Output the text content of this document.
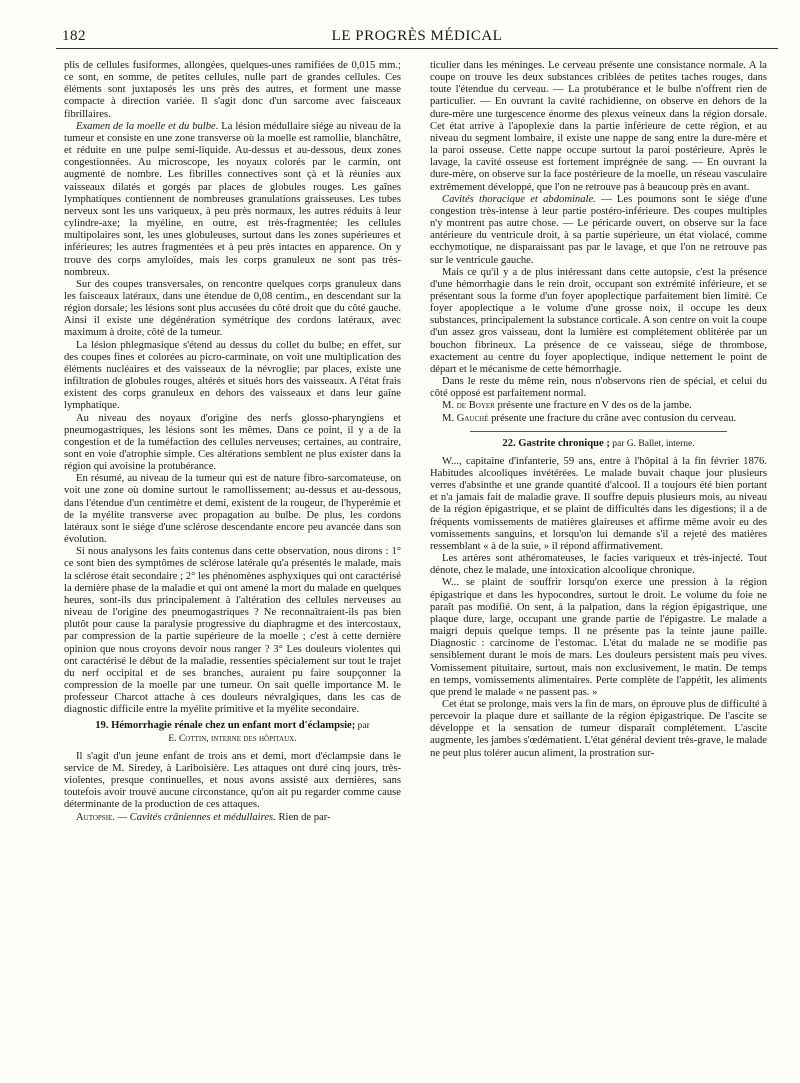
182	LE PROGRÈS MÉDICAL

plis de cellules fusiformes, allongées, quelques-unes ramifiées de 0,015 mm.; ce sont, en somme, de petites cellules, nulle part de grandes cellules. Ces éléments sont juxtaposés les uns près des autres, et forment une masse compacte à direction variée. Il s'agit donc d'un sarcome avec faisceaux fibrillaires.

Examen de la moelle et du bulbe. La lésion médullaire siége au niveau de la tumeur et consiste en une zone transverse où la moelle est ramollie, blanchâtre, et réduite en une pulpe semi-liquide. Au-dessus et au-dessous, deux zones congestionnées. Au microscope, les noyaux colorés par le carmin, ont augmenté de nombre. Les fibrilles connectives sont çà et là réunies aux vaisseaux dilatés et gorgés par places de globules rouges. Les gaînes lymphatiques contiennent de nombreuses granulations graisseuses. Les tubes nerveux sont les uns variqueux, à peu près normaux, les autres réduits à leur cylindre-axe; la myéline, en outre, est très-fragmentée; les cellules multipolaires sont, les unes globuleuses, surtout dans les zones supérieures et inférieures; les autres fragmentées et à peu près intactes en apparence. On y trouve des corps amyloïdes, mais les corps granuleux ne sont pas très-nombreux.

Sur des coupes transversales, on rencontre quelques corps granuleux dans les faisceaux latéraux, dans une étendue de 0,08 centim., en descendant sur la région dorsale; les lésions sont plus accusées du côté droit que du côté gauche. Ainsi il existe une dégénération symétrique des cordons latéraux, avec maximum à droite, côté de la tumeur.

La lésion phlegmasique s'étend au dessus du collet du bulbe; en effet, sur des coupes fines et colorées au picro-carminate, on voit une multiplication des éléments nucléaires et des vaisseaux de la névroglie; par places, existe une infiltration de globules rouges, altérés et situés hors des vaisseaux. A l'état frais existent des corps granuleux en dehors des vaisseaux et dans leur gaîne lymphatique.

Au niveau des noyaux d'origine des nerfs glosso-pharyngiens et pneumogastriques, les lésions sont les mêmes. Dans ce point, il y a de la congestion et de la tuméfaction des cellules nerveuses; certaines, au contraire, sont en voie d'atrophie simple. Ces altérations semblent ne plus exister dans la région qui avoisine la protubérance.

En résumé, au niveau de la tumeur qui est de nature fibro-sarcomateuse, on voit une zone où domine surtout le ramollissement; au-dessus et au-dessous, dans l'étendue d'un centimètre et demi, existent de la rougeur, de l'hyperémie et de la myélite transverse avec propagation au bulbe. De plus, les cordons latéraux sont le siége d'une sclérose descendante encore peu avancée dans son évolution.

Si nous analysons les faits contenus dans cette observation, nous dirons : 1° ce sont bien des symptômes de sclérose latérale qu'a présentés le malade, mais la sclérose était secondaire ; 2° les phénomènes asphyxiques qui ont caractérisé la dernière phase de la maladie et qui ont amené la mort du malade en quelques heures, sont-ils dus principalement à l'altération des cellules nerveuses au niveau de l'origine des pneumogastriques ? Ne reconnaîtraient-ils pas bien plutôt pour cause la paralysie progressive du diaphragme et des intercostaux, par compression de la partie supérieure de la moelle ; c'est à cette dernière opinion que nous croyons devoir nous ranger ? 3° Les douleurs violentes qui ont caractérisé le début de la maladie, ressenties spécialement sur tout le trajet du nerf occipital et de ses branches, auraient pu faire soupçonner la compression de la moelle par une tumeur. On sait quelle importance M. le professeur Charcot attache à ces douleurs névralgiques, dans les cas de diagnostic difficile entre la myélite primitive et la myélite secondaire.

19. Hémorrhagie rénale chez un enfant mort d'éclampsie; par
E. Cottin, interne des hôpitaux.

Il s'agit d'un jeune enfant de trois ans et demi, mort d'éclampsie dans le service de M. Siredey, à Lariboisière. Les attaques ont duré cinq jours, très-violentes, presque continuelles, et nous avons assisté aux dernières, sans toutefois avoir trouvé aucune circonstance, qu'on ait pu regarder comme cause déterminante de la production de ces attaques.

Autopsie. — Cavités crâniennes et médullaires. Rien de par-

ticulier dans les méninges. Le cerveau présente une consistance normale. A la coupe on trouve les deux substances criblées de petites taches rouges, dans toute l'étendue du cerveau. — La protubérance et le bulbe n'offrent rien de particulier. — En ouvrant la cavité rachidienne, on observe en dehors de la dure-mère une turgescence énorme des plexus veineux dans la région dorsale. Cet état arrive à l'apoplexie dans la partie inférieure de cette région, et au niveau du segment lombaire, il existe une nappe de sang entre la dure-mère et la paroi osseuse. Cette nappe occupe surtout la paroi postérieure. Après le lavage, la cavité osseuse est fortement imprégnée de sang. — En ouvrant la dure-mère, on observe sur la face postérieure de la moelle, un réseau vasculaire extrêmement développé, que l'on ne retrouve pas à beaucoup près en avant.

Cavités thoracique et abdominale. — Les poumons sont le siége d'une congestion très-intense à leur partie postéro-inférieure. Des coupes multiples n'y montrent pas autre chose. — Le péricarde ouvert, on observe sur la face antérieure du ventricule droit, à sa partie supérieure, un état violacé, comme ecchymotique, ne disparaissant pas par le lavage, et que l'on ne retrouve pas sur le ventricule gauche.

Mais ce qu'il y a de plus intéressant dans cette autopsie, c'est la présence d'une hémorrhagie dans le rein droit, occupant son extrémité inférieure, et se présentant sous la forme d'un foyer apoplectique parfaitement bien limité. Ce foyer apoplectique a le volume d'une grosse noix, il occupe les deux substances, principalement la substance corticale. A son centre on voit la coupe d'un assez gros vaisseau, dont la lumière est complétement oblitérée par un bouchon fibrineux. La présence de ce vaisseau, siége de thrombose, exactement au centre du foyer apoplectique, indique nettement le point de départ et le mécanisme de cette hémorrhagie.

Dans le reste du même rein, nous n'observons rien de spécial, et celui du côté opposé est parfaitement normal.

M. de Boyer présente une fracture en V des os de la jambe.

M. Gauché présente une fracture du crâne avec contusion du cerveau.

22. Gastrite chronique ; par G. Ballet, interne.

W..., capitaine d'infanterie, 59 ans, entre à l'hôpital à la fin février 1876. Habitudes alcooliques invétérées. Le malade buvait chaque jour plusieurs verres d'absinthe et une grande quantité d'alcool. Il a toujours été bien portant et n'a jamais fait de maladie grave. Il souffre depuis plusieurs mois, au niveau de la région épigastrique, et se plaint de difficultés dans les digestions; il a de fréquents vomissements de matières glaireuses et affirme même avoir eu des vomissements sanguins, et lorsqu'on lui demande s'il a rejeté des matières ressemblant « à de la suie, » il répond affirmativement.

Les artères sont athéromateuses, le facies variqueux et très-injecté. Tout dénote, chez le malade, une intoxication alcoolique chronique.

W... se plaint de souffrir lorsqu'on exerce une pression à la région épigastrique et dans les hypocondres, surtout le droit. Le volume du foie ne paraît pas modifié. On sent, à la palpation, dans la région épigastrique, une plaque dure, large, occupant une grande partie de l'épigastre. Le malade a maigri depuis quelque temps. Il ne présente pas la teinte jaune paille. Diagnostic : carcinome de l'estomac. L'état du malade ne se modifie pas sensiblement durant le mois de mars. Les douleurs persistent mais peu vives. Vomissement pituitaire, surtout, mais non exclusivement, le matin. De temps en temps, vomissements alimentaires. Perte complète de l'appétit, les aliments que prend le malade « ne passent pas. »

Cet état se prolonge, mais vers la fin de mars, on éprouve plus de difficulté à percevoir la plaque dure et saillante de la région épigastrique. De l'ascite se développe et la sensation de tumeur disparaît complétement. L'ascite augmente, les jambes s'œdématient. L'état général devient très-grave, le malade ne peut plus tolérer aucun aliment, la prostration sur-
